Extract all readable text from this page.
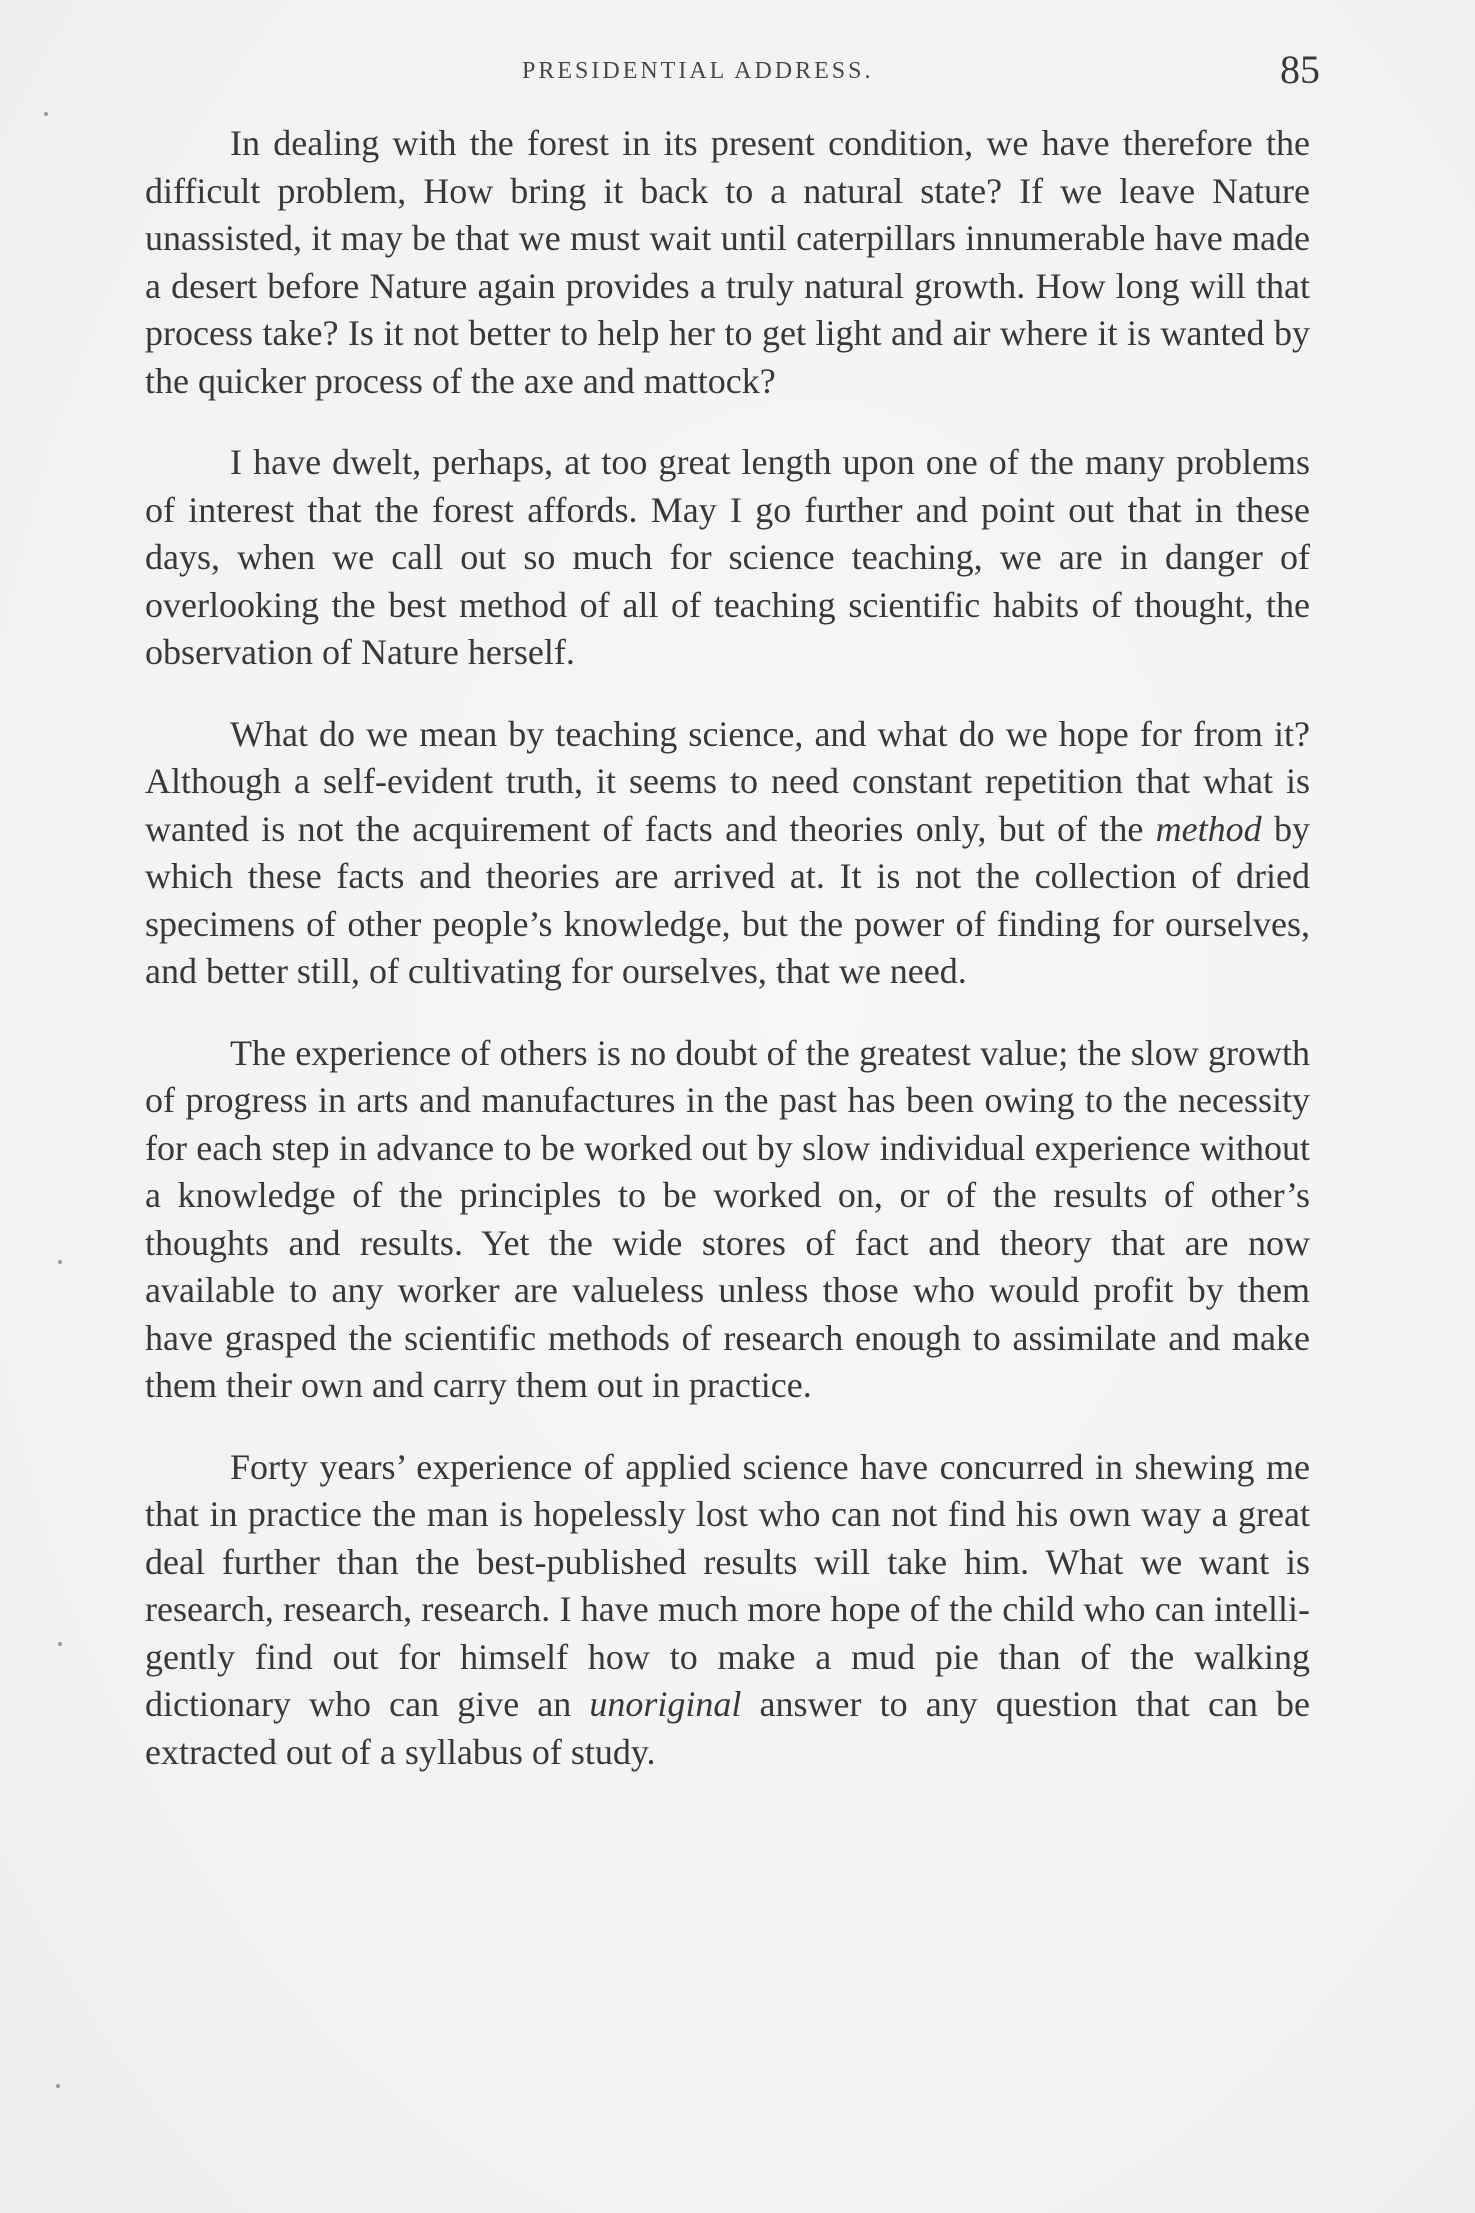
PRESIDENTIAL ADDRESS.	85

In dealing with the forest in its present condition, we have therefore the difficult problem, How bring it back to a natural state? If we leave Nature unassisted, it may be that we must wait until caterpillars innumerable have made a desert before Nature again provides a truly natural growth. How long will that process take? Is it not better to help her to get light and air where it is wanted by the quicker process of the axe and mattock?

I have dwelt, perhaps, at too great length upon one of the many problems of interest that the forest affords. May I go further and point out that in these days, when we call out so much for science teaching, we are in danger of overlooking the best method of all of teaching scientific habits of thought, the observation of Nature herself.

What do we mean by teaching science, and what do we hope for from it? Although a self-evident truth, it seems to need constant repetition that what is wanted is not the acquirement of facts and theories only, but of the method by which these facts and theories are arrived at. It is not the collection of dried specimens of other people’s knowledge, but the power of finding for ourselves, and better still, of cultivating for ourselves, that we need.

The experience of others is no doubt of the greatest value; the slow growth of progress in arts and manufactures in the past has been owing to the necessity for each step in advance to be worked out by slow individual experience without a knowledge of the principles to be worked on, or of the results of other’s thoughts and results. Yet the wide stores of fact and theory that are now available to any worker are valueless unless those who would profit by them have grasped the scientific methods of research enough to assimilate and make them their own and carry them out in practice.

Forty years’ experience of applied science have concurred in shewing me that in practice the man is hopelessly lost who can not find his own way a great deal further than the best-published results will take him. What we want is research, research, research. I have much more hope of the child who can intelligently find out for himself how to make a mud pie than of the walking dictionary who can give an unoriginal answer to any question that can be extracted out of a syllabus of study.
